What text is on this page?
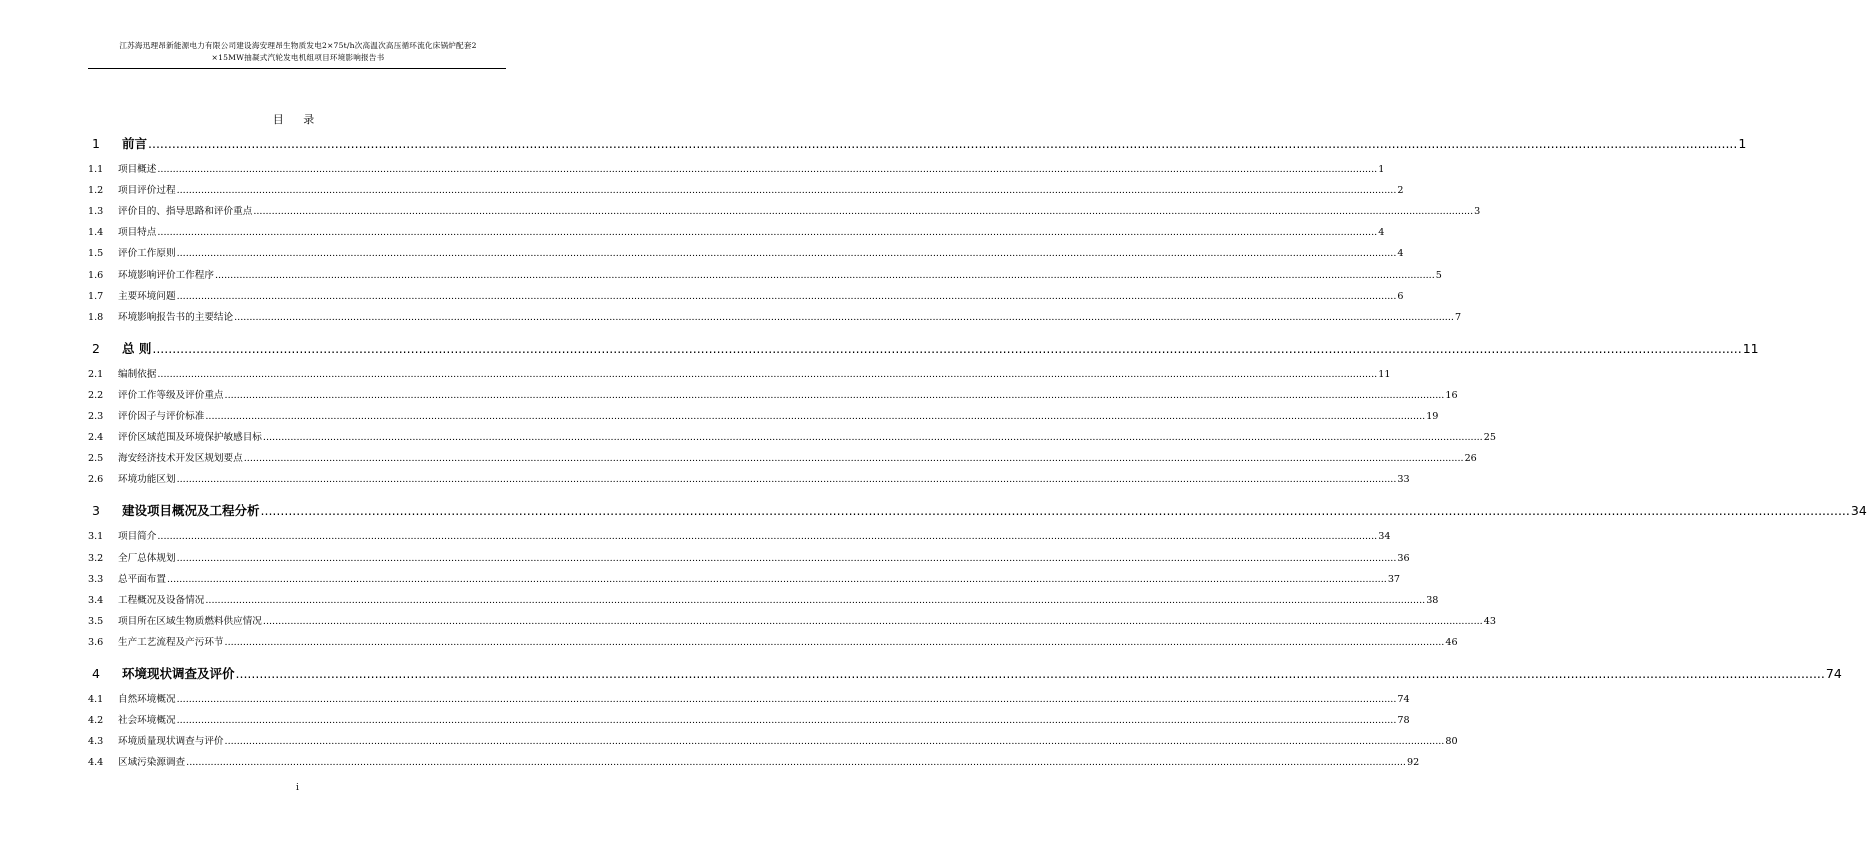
江苏海迅理昂新能源电力有限公司建设海安理昂生物质发电2×75t/h次高温次高压循环流化床锅炉配套2
×15MW抽凝式汽轮发电机组项目环境影响报告书
目 录
1	前言 ................................................................................................................................................................................................................................................................................................................................................................................................................ 1
1.1	项目概述 ................................................................................................................................................................................................................................................................................................................................................................................................................ 1
1.2	项目评价过程 ................................................................................................................................................................................................................................................................................................................................................................................................................ 2
1.3	评价目的、指导思路和评价重点 ................................................................................................................................................................................................................................................................................................................................................................................................................ 3
1.4	项目特点 ................................................................................................................................................................................................................................................................................................................................................................................................................ 4
1.5	评价工作原则 ................................................................................................................................................................................................................................................................................................................................................................................................................ 4
1.6	环境影响评价工作程序 ................................................................................................................................................................................................................................................................................................................................................................................................................ 5
1.7	主要环境问题 ................................................................................................................................................................................................................................................................................................................................................................................................................ 6
1.8	环境影响报告书的主要结论 ................................................................................................................................................................................................................................................................................................................................................................................................................ 7
2	总 则 ................................................................................................................................................................................................................................................................................................................................................................................................................ 11
2.1	编制依据 ................................................................................................................................................................................................................................................................................................................................................................................................................ 11
2.2	评价工作等级及评价重点 ................................................................................................................................................................................................................................................................................................................................................................................................................ 16
2.3	评价因子与评价标准 ................................................................................................................................................................................................................................................................................................................................................................................................................ 19
2.4	评价区域范围及环境保护敏感目标 ................................................................................................................................................................................................................................................................................................................................................................................................................ 25
2.5	海安经济技术开发区规划要点 ................................................................................................................................................................................................................................................................................................................................................................................................................ 26
2.6	环境功能区划 ................................................................................................................................................................................................................................................................................................................................................................................................................ 33
3	建设项目概况及工程分析 ................................................................................................................................................................................................................................................................................................................................................................................................................ 34
3.1	项目简介 ................................................................................................................................................................................................................................................................................................................................................................................................................ 34
3.2	全厂总体规划 ................................................................................................................................................................................................................................................................................................................................................................................................................ 36
3.3	总平面布置 ................................................................................................................................................................................................................................................................................................................................................................................................................ 37
3.4	工程概况及设备情况 ................................................................................................................................................................................................................................................................................................................................................................................................................ 38
3.5	项目所在区域生物质燃料供应情况 ................................................................................................................................................................................................................................................................................................................................................................................................................ 43
3.6	生产工艺流程及产污环节 ................................................................................................................................................................................................................................................................................................................................................................................................................ 46
4	环境现状调查及评价 ................................................................................................................................................................................................................................................................................................................................................................................................................ 74
4.1	自然环境概况 ................................................................................................................................................................................................................................................................................................................................................................................................................ 74
4.2	社会环境概况 ................................................................................................................................................................................................................................................................................................................................................................................................................ 78
4.3	环境质量现状调查与评价 ................................................................................................................................................................................................................................................................................................................................................................................................................ 80
4.4	区域污染源调查 ................................................................................................................................................................................................................................................................................................................................................................................................................ 92
i
